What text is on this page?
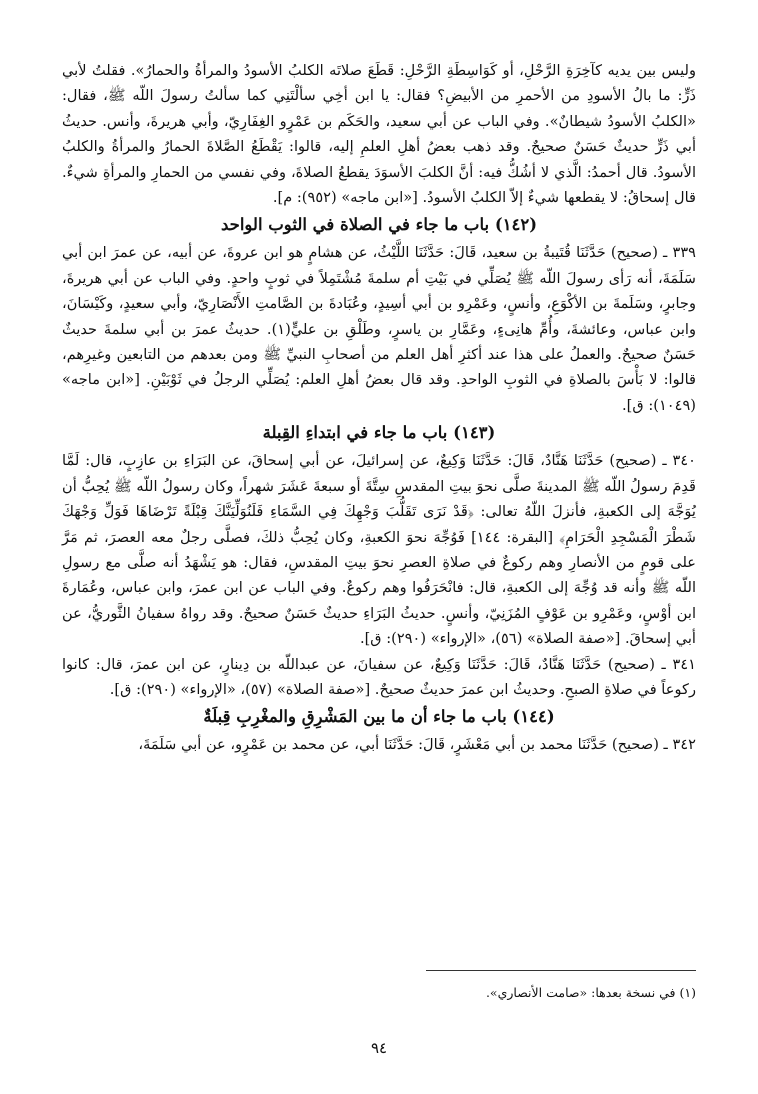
وليس بين يديه كآخِرَةِ الرَّحْلِ، أو كَوَاسِطَةِ الرَّحْلِ: قَطَعَ صلاتَه الكلبُ الأسودُ والمرأةُ والحمارُ». فقلتُ لأبي ذَرٍّ: ما بالُ الأسودِ من الأحمرِ من الأبيضِ؟ فقال: يا ابن أخِي سألْتَنِي كما سألتُ رسولَ اللّه ﷺ، فقال: «الكلبُ الأسودُ شيطانٌ». وفي الباب عن أبي سعيد، والحَكَم بن عَمْرٍو الغِفَارِيّ، وأبي هريرةَ، وأنس. حديثُ أبي ذَرٍّ حديثٌ حَسَنٌ صحيحٌ. وقد ذهب بعضُ أهلِ العلمِ إليه، قالوا: يَقْطَعُ الصَّلاةَ الحمارُ والمرأةُ والكلبُ الأسودُ. قال أحمدُ: الَّذي لا أشُكُّ فيه: أنَّ الكلبَ الأسوَدَ يقطعُ الصلاةَ، وفي نفسي من الحمارِ والمرأةِ شيءٌ. قال إسحاقُ: لا يقطعها شيءٌ إلاّ الكلبُ الأسودُ. [«ابن ماجه» (٩٥٢): م].

(١٤٢) باب ما جاء في الصلاة في الثوب الواحد

٣٣٩ ـ (صحيح) حَدَّثَنَا قُتَيبةُ بن سعيد، قَالَ: حَدَّثَنَا اللَّيْثُ، عن هشامٍ هو ابن عروةَ، عن أبيه، عن عمرَ ابن أبي سَلَمَةَ، أنه رَأى رسولَ اللّه ﷺ يُصَلِّي في بَيْتِ أم سلمةَ مُشْتَمِلاً في ثوبٍ واحدٍ. وفي الباب عن أبي هريرةَ، وجابرٍ، وسَلَمةَ بن الأكْوَعِ، وأنسٍ، وعَمْرِو بن أبي أسِيدٍ، وعُبَادةَ بن الصَّامتِ الأَنْصَارِيّ، وأبي سعيدٍ، وكَيْسَانَ، وابن عباس، وعائشةَ، وأُمِّ هانِىءٍ، وعَمَّارِ بن ياسرٍ، وطَلْقِ بن عليٍّ(١). حديثُ عمرَ بن أبي سلمةَ حديثٌ حَسَنٌ صحيحٌ. والعملُ على هذا عند أكثرِ أهل العلم من أصحابِ النبيِّ ﷺ ومن بعدهم من التابعين وغيرِهم، قالوا: لا بَأْسَ بالصلاةِ في الثوبِ الواحدِ. وقد قال بعضُ أهلِ العلم: يُصَلِّي الرجلُ في ثَوْبَيْنِ. [«ابن ماجه» (١٠٤٩): ق].

(١٤٣) باب ما جاء في ابتداءِ القِبلة

٣٤٠ ـ (صحيح) حَدَّثَنَا هَنَّادٌ، قَالَ: حَدَّثَنَا وَكِيعٌ، عن إسرائيلَ، عن أبي إسحاقَ، عن البَرَاءِ بن عازِبٍ، قال: لَمَّا قَدِمَ رسولُ اللّه ﷺ المدينةَ صلَّى نحوَ بيتِ المقدسِ سِتَّةَ أو سبعةَ عَشَرَ شهراً، وكان رسولُ اللّه ﷺ يُحِبُّ أن يُوَجَّهَ إلى الكعبةِ، فأنزلَ اللّهُ تعالى: ﴿قَدْ نَرَى تَقَلُّبَ وَجْهِكَ فِي السَّمَاءِ فَلَنُوَلِّيَنَّكَ قِبْلَةً تَرْضَاهَا فَوَلِّ وَجْهَكَ شَطْرَ الْمَسْجِدِ الْحَرَامِ﴾ [البقرة: ١٤٤] فَوُجِّهَ نحوَ الكعبةِ، وكان يُحِبُّ ذلكَ، فصلَّى رجلٌ معه العصرَ، ثم مَرَّ على قومٍ من الأنصارِ وهم ركوعٌ في صلاةِ العصرِ نحوَ بيتِ المقدسِ، فقال: هو يَشْهَدُ أنه صلَّى مع رسولِ اللّه ﷺ وأنه قد وُجِّهَ إلى الكعبةِ، قال: فانْحَرَفُوا وهم ركوعٌ. وفي الباب عن ابن عمرَ، وابن عباس، وعُمَارةَ ابن أوْسٍ، وعَمْرِو بن عَوْفٍ المُزَنِيّ، وأنسٍ. حديثُ البَرَاءِ حديثٌ حَسَنٌ صحيحٌ. وقد رواهُ سفيانُ الثَّوريُّ، عن أبي إسحاقَ. [«صفة الصلاة» (٥٦)، «الإرواء» (٢٩٠): ق].

٣٤١ ـ (صحيح) حَدَّثَنَا هَنَّادٌ، قَالَ: حَدَّثَنَا وَكِيعٌ، عن سفيانَ، عن عبداللّه بن دِينارٍ، عن ابن عمرَ، قال: كانوا ركوعاً في صلاةِ الصبحِ. وحديثُ ابن عمرَ حديثٌ صحيحٌ. [«صفة الصلاة» (٥٧)، «الإرواء» (٢٩٠): ق].

(١٤٤) باب ما جاء أن ما بين المَشْرِقِ والمغْرِبِ قِبلَةٌ

٣٤٢ ـ (صحيح) حَدَّثَنَا محمد بن أبي مَعْشَرٍ، قَالَ: حَدَّثَنَا أبي، عن محمد بن عَمْرٍو، عن أبي سَلَمَةَ،

(١) في نسخة بعدها: «صامت الأنصاري».

٩٤
